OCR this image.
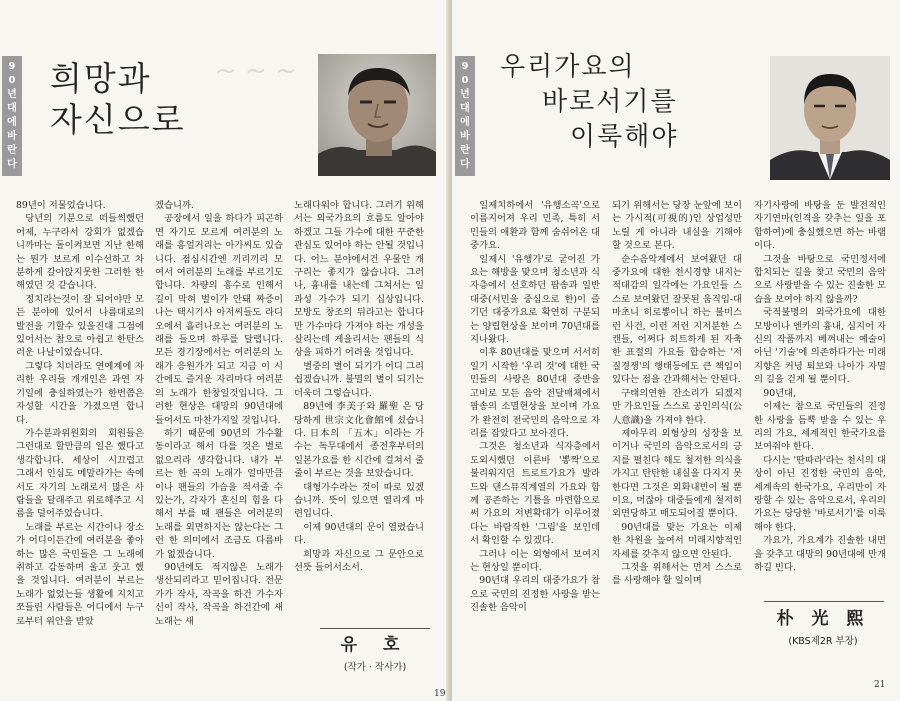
9
0
년
대
에
바
란
다
~ ~ ~
희망과
자신으로

89년이 저물었습니다.

당년의 기분으로 떠들썩했던 어제, 누구라서 강회가 없겠습니까마는 돌이켜보면 지난 한해는 뭔가 보르게 이수선하고 차분하게 갈아앉지못한 그러한 한해였던 것 같습니다.

정치라는것이 잘 되어야만 모든 분야에 있어서 나름대로의 발전을 기할수 있을진대 그점에 있어서는 참으로 아쉽고 한탄스러운 나날이었습니다.

그렇다 치더라도 연예계에 자리한 우리들 개개인은 과연 자기일에 충실하였는가 한번쯤은 자성할 시간을 가졌으면 합니다.

가수분과위원회의 회원들은 그런대로 할만큼의 일은 했다고 생각합니다. 세상이 시끄럽고 그래서 인심도 메말라가는 속에서도 자기의 노래로서 많은 사람들을 달래주고 위로해주고 시름을 덜어주었습니다.

노래를 부르는 시간이나 장소가 어디이든간에 여러분을 좋아하는 많은 국민들은 그 노래에 취하고 감동하며 울고 웃고 했을 것입니다. 여러분이 부르는 노래가 없었는들 생활에 지치고 쪼들린 사람들은 어디에서 누구로부터 위안을 받았

겠습니까.

공장에서 일을 하다가 피곤하면 자기도 모르게 여러분의 노래를 흥얼거리는 아가씨도 있습니다. 점심시간엔 끼리끼리 모여서 여러분의 노래를 부르기도 합니다. 차량의 홍수로 인해서 길이 막혀 벌이가 안돼 짜증이 나는 택시기사 아저씨들도 라디오에서 흘러나오는 여러분의 노래를 들으며 하루를 달랩니다. 모든 경기장에서는 여러분의 노래가 응원가가 되고 지금 이 시간에도 즐거운 자리마다 여러분의 노래가 한창일것입니다. 그러한 현상은 대망의 90년대에 들어서도 마찬가지일 것입니다.

하기 때문에 90년의 가수활동이라고 해서 다를 것은 별로 없으리라 생각합니다. 내가 부르는 한 곡의 노래가 얼마만큼이나 팬들의 가슴을 적셔줄 수 있는가, 각자가 혼신의 힘을 다해서 부를 때 팬들은 여러분의 노래를 외면하지는 않는다는 그런 한 의미에서 조금도 다름바가 없겠습니다.

90년에도 적지않은 노래가 생산되리라고 믿어집니다. 전문가가 작사, 작곡을 하건 가수자신이 작사, 작곡을 하건간에 새노래는 새

노래다워야 합니다. 그러기 위해서는 외국가요의 흐름도 알아야 하겠고 그들 가수에 대한 꾸준한 관심도 있어야 하는 안될 것입니다. 어느 분야에서건 우물안 개구리는 좋지가 않습니다. 그러나, 흉내를 내는데 그쳐서는 일과성 가수가 되기 십상입니다. 모방도 창조의 뒤라고는 합니다만 가수마다 가져야 하는 개성을 살리는데 게을리서는 팬들의 식상을 피하기 어려울 것입니다.

별중의 별이 되기가 어디 그리 쉽겠습니까. 불멸의 별이 되기는 더욱더 그렇습니다.

89년에 李美子와 羅聖 은 당당하게 世宗文化會館에 섰습니다. 日本의 「五木」이라는 가수는 독무대에서 종전후부터의 일본가요를 한 시간에 걸쳐서 줄줄이 부르는 것을 보았습니다.

대형가수라는 것이 따로 있겠습니까. 뜻이 있으면 열리게 마련입니다.

이제 90년대의 문이 열렸습니다.

희망과 자신으로 그 문안으로 선뜻 들어서소서.

유 호
(작가 · 작사가)
19
9
0
년
대
에
바
란
다
우리가요의
바로서기를
이룩해야

일제치하에서 '유행소곡'으로 이름지어져 우리 민족, 특히 서민들의 애환과 함께 숨쉬어온 대중가요.

일제시 '유행가'로 굳어진 가요는 해방을 맞으며 청소년과 식자층에서 선호하던 팝송과 일반대중(서민을 중심으로 한)이 즐기던 대중가요로 확연히 구분되는 양립현상을 보이며 70년대를 지나왔다.

이후 80년대를 맞으며 서서히 일기 시작한 '우리 것'에 대한 국민들의 사랑은 80년대 중반을 고비로 모든 음악 전달매체에서 팝송의 소멸현상을 보이며 가요가 완전히 전국민의 음악으로 자리를 잡았다고 보아진다.

그것은 청소년과 식자층에서 도외시했던 이른바 '뽕짝'으로 불리워지던 트로트가요가 발라드와 댄스뮤직계열의 가요와 함께 공존하는 기틀을 마련함으로써 가요의 저변확대가 이루어졌다는 바람직한 '그림'을 보인데서 확인할 수 있겠다.

그러나 이는 외형에서 보여지는 현상일 뿐이다.

90년대 우리의 대중가요가 참으로 국민의 진정한 사랑을 받는 진솔한 음악이

되기 위해서는 당장 눈앞에 보이는 가시적(可視的)인 상업성만 노릴 게 아니라 내실을 기해야 할 것으로 본다.

순수음악계에서 보여왔던 대중가요에 대한 천시경향 내지는 적대감의 일각에는 가요인들 스스로 보여왔던 잘못된 움직임-대마초니 히로뽕이니 하는 불미스런 사건, 이런 저런 지저분한 스캔들, 어쩌다 히트하게 된 자축한 표절의 가요들 합승하는 '저질경쟁'의 행태등에도 큰 책임이 있다는 점을 간과해서는 안된다.

구태의연한 잔소리가 되겠지만 가요인들 스스로 공인의식(公人意識)을 가져야 한다.

제아무리 외형상의 성장을 보이거나 국민의 음악으로서의 긍지를 펼친다 해도 철저한 의식을 가지고 탄탄한 내실을 다지지 못한다면 그것은 외화내빈이 될 뿐이요, 머잖아 대중들에게 철저히 외면당하고 매도되어질 뿐이다.

90년대를 맞는 가요는 이제 한 차원을 높여서 미래지향적인 자세를 갖추지 않으면 안된다.

그것을 위해서는 먼저 스스로를 사랑해야 할 일이며

자기사랑에 바탕을 둔 발전적인 자기연마(인격을 갖추는 일을 포함하여)에 충실했으면 하는 바램이다.

그것을 바탕으로 국민정서에 합치되는 길을 찾고 국민의 음악으로 사랑받을 수 있는 진솔한 모습을 보여야 하지 않을까?

국적불명의 외국가요에 대한 모방이나 엔카의 흉내, 심지어 자신의 작품까지 베껴내는 예술이 아닌 '기술'에 의존하다가는 미래지향은 커녕 퇴보와 나아가 자멸의 길을 걷게 될 뿐이다.

90년대,

이제는 참으로 국민들의 진정한 사랑을 듬뿍 받을 수 있는 우리의 가요, 세계적인 한국가요를 보여줘야 한다.

다시는 '딴따라'라는 천시의 대상이 아닌 진정한 국민의 음악, 세계속의 한국가요, 우리만이 자랑할 수 있는 음악으로서, 우리의 가요는 당당한 '바로서기'를 이룩해야 한다.

가요가, 가요계가 진솔한 내면을 갖추고 대망의 90년대에 만개하길 빈다.

朴 光 熙
(KBS제2R 부장)
21
